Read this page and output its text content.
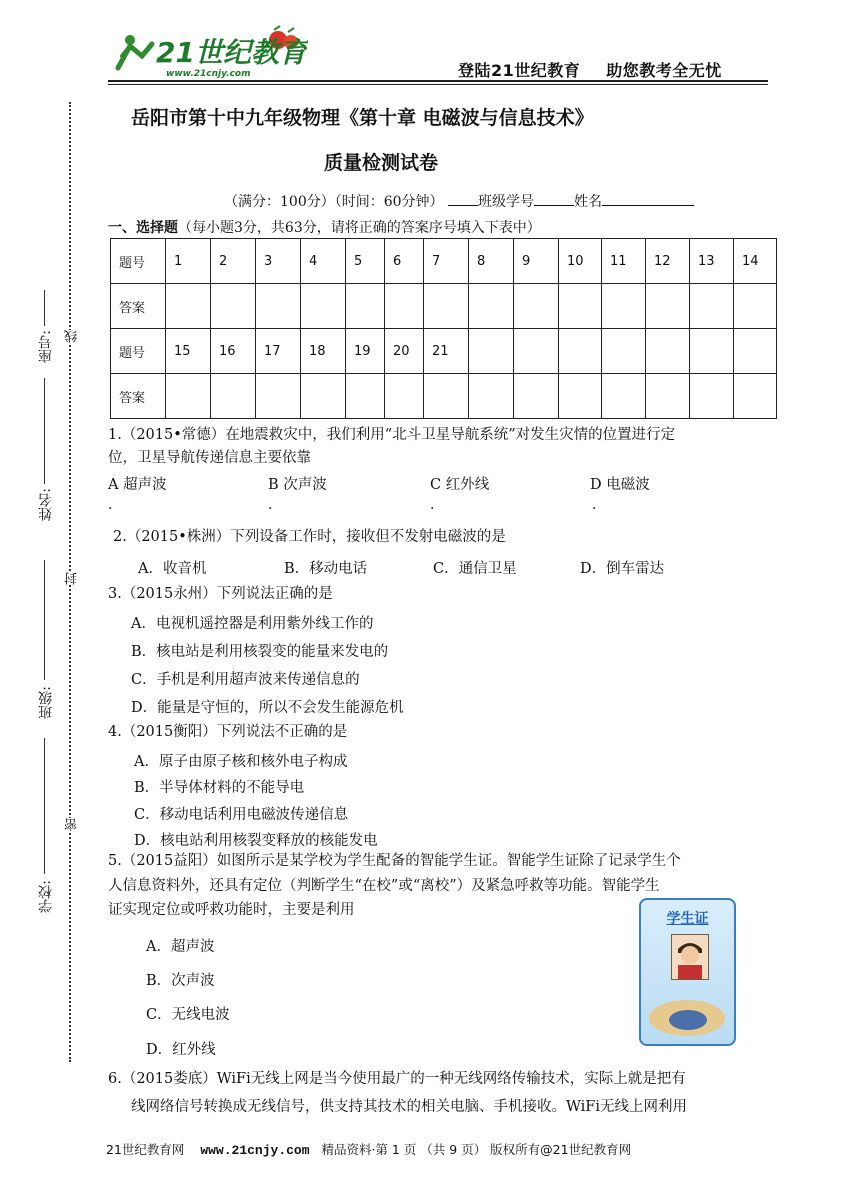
21世纪教育
www.21cnjy.com	登陆21世纪教育 助您教考全无忧
座号: 线
姓名:
封
班级:
密
学校:
岳阳市第十中九年级物理《第十章 电磁波与信息技术》
质量检测试卷
（满分：100分）（时间：60分钟） 班级学号	姓名
一、选择题（每小题3分，共63分，请将正确的答案序号填入下表中）
题号	1	2	3	4	5	6	7	8	9	10	11	12	13	14
答案														
题号	15	16	17	18	19	20	21							
答案														
1.（2015•常德）在地震救灾中，我们利用“北斗卫星导航系统”对发生灾情的位置进行定
位，卫星导航传递信息主要依靠
A 超声波	B 次声波	C 红外线	D 电磁波
.	.	.	.
2.（2015•株洲）下列设备工作时，接收但不发射电磁波的是
A．收音机	B．移动电话	C．通信卫星	D．倒车雷达
3.（2015永州）下列说法正确的是
A．电视机遥控器是利用紫外线工作的
B．核电站是利用核裂变的能量来发电的
C．手机是利用超声波来传递信息的
D．能量是守恒的，所以不会发生能源危机
4.（2015衡阳）下列说法不正确的是
A．原子由原子核和核外电子构成
B．半导体材料的不能导电
C．移动电话利用电磁波传递信息
D．核电站利用核裂变释放的核能发电
5.（2015益阳）如图所示是某学校为学生配备的智能学生证。智能学生证除了记录学生个
人信息资料外，还具有定位（判断学生“在校”或“离校”）及紧急呼救等功能。智能学生
证实现定位或呼救功能时，主要是利用
A．超声波
B．次声波
C．无线电波
D．红外线
学生证
6.（2015娄底）WiFi无线上网是当今使用最广的一种无线网络传输技术，实际上就是把有
线网络信号转换成无线信号，供支持其技术的相关电脑、手机接收。WiFi无线上网利用
21世纪教育网 www.21cnjy.com 精品资料·第 1 页 （共 9 页） 版权所有@21世纪教育网
